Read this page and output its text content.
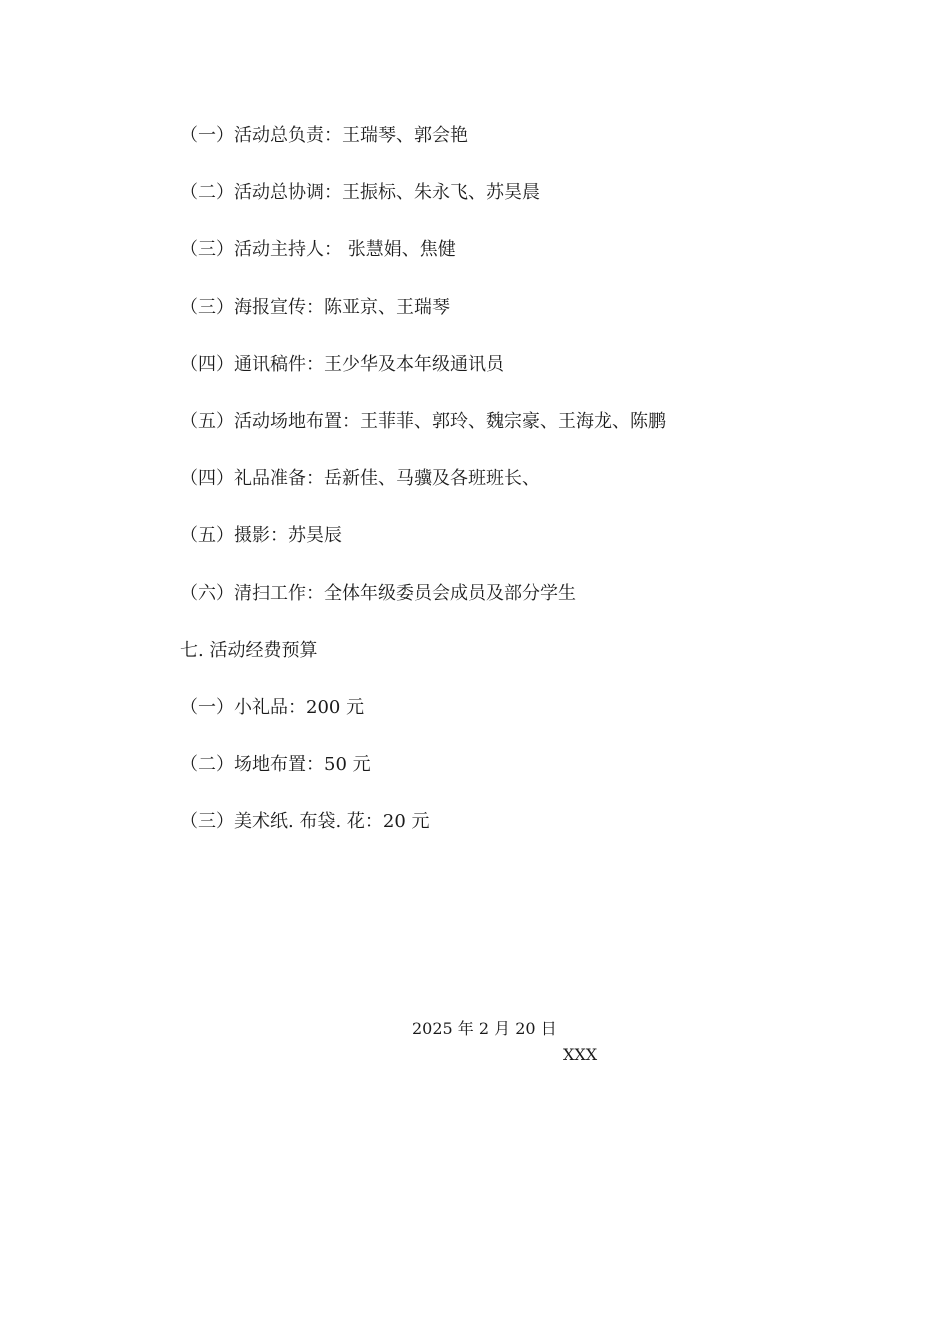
（一）活动总负责：王瑞琴、郭会艳
（二）活动总协调：王振标、朱永飞、苏昊晨
（三）活动主持人： 张慧娟、焦健
（三）海报宣传：陈亚京、王瑞琴
（四）通讯稿件：王少华及本年级通讯员
（五）活动场地布置：王菲菲、郭玲、魏宗豪、王海龙、陈鹏
（四）礼品准备：岳新佳、马骥及各班班长、
（五）摄影：苏昊辰
（六）清扫工作：全体年级委员会成员及部分学生
七. 活动经费预算
（一）小礼品：200 元
（二）场地布置：50 元
（三）美术纸. 布袋. 花：20 元
2025 年 2 月 20 日
XXX
